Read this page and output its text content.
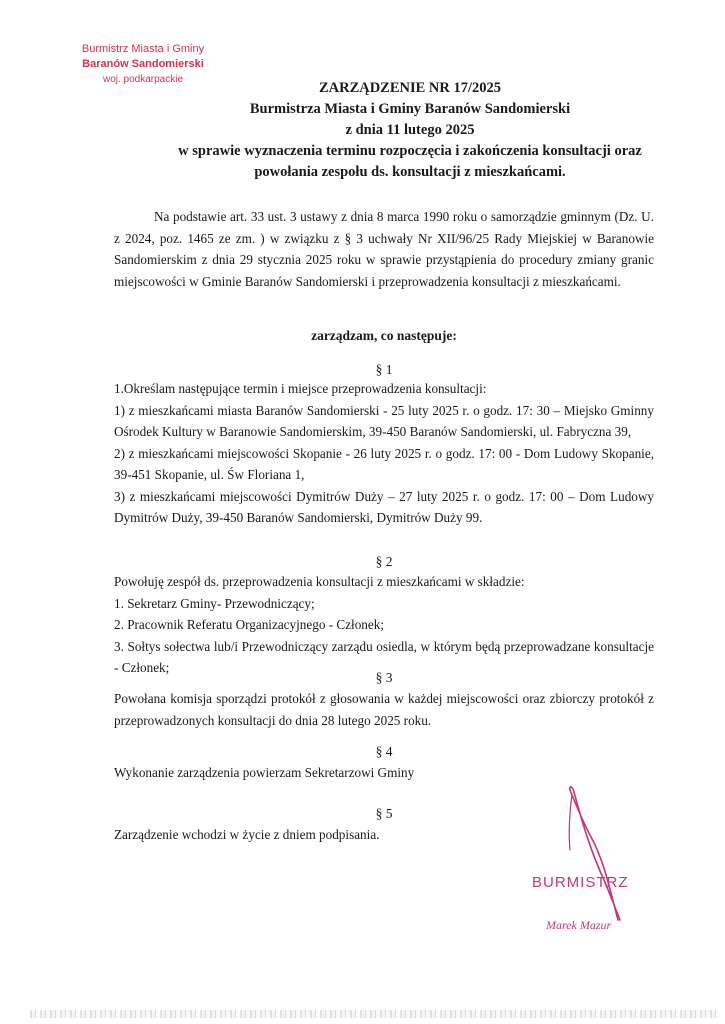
Burmistrz Miasta i Gminy
Baranów Sandomierski
woj. podkarpackie
ZARZĄDZENIE NR 17/2025
Burmistrza Miasta i Gminy Baranów Sandomierski
z dnia 11 lutego 2025
w sprawie wyznaczenia terminu rozpoczęcia i zakończenia konsultacji oraz
powołania zespołu ds. konsultacji z mieszkańcami.
Na podstawie art. 33 ust. 3 ustawy z dnia 8 marca 1990 roku o samorządzie gminnym (Dz. U. z 2024, poz. 1465 ze zm. ) w związku z § 3 uchwały Nr XII/96/25 Rady Miejskiej w Baranowie Sandomierskim z dnia 29 stycznia 2025 roku w sprawie przystąpienia do procedury zmiany granic miejscowości w Gminie Baranów Sandomierski i przeprowadzenia konsultacji z mieszkańcami.
zarządzam, co następuje:
§ 1
1.Określam następujące termin i miejsce przeprowadzenia konsultacji:
1) z mieszkańcami miasta Baranów Sandomierski - 25 luty 2025 r. o godz. 17: 30 – Miejsko Gminny Ośrodek Kultury w Baranowie Sandomierskim, 39-450 Baranów Sandomierski, ul. Fabryczna 39,
2) z mieszkańcami miejscowości Skopanie - 26 luty 2025 r. o godz. 17: 00 - Dom Ludowy Skopanie, 39-451 Skopanie, ul. Św Floriana 1,
3) z mieszkańcami miejscowości Dymitrów Duży – 27 luty 2025 r. o godz. 17: 00 – Dom Ludowy Dymitrów Duży, 39-450 Baranów Sandomierski, Dymitrów Duży 99.
§ 2
Powołuję zespół ds. przeprowadzenia konsultacji z mieszkańcami w składzie:
1. Sekretarz Gminy- Przewodniczący;
2. Pracownik Referatu Organizacyjnego - Członek;
3. Sołtys sołectwa lub/i Przewodniczący zarządu osiedla, w którym będą przeprowadzane konsultacje - Członek;
§ 3
Powołana komisja sporządzi protokół z głosowania w każdej miejscowości oraz zbiorczy protokół z przeprowadzonych konsultacji do dnia 28 lutego 2025 roku.
§ 4
Wykonanie zarządzenia powierzam Sekretarzowi Gminy
§ 5
Zarządzenie wchodzi w życie z dniem podpisania.
BURMISTRZ
Marek Mazur
